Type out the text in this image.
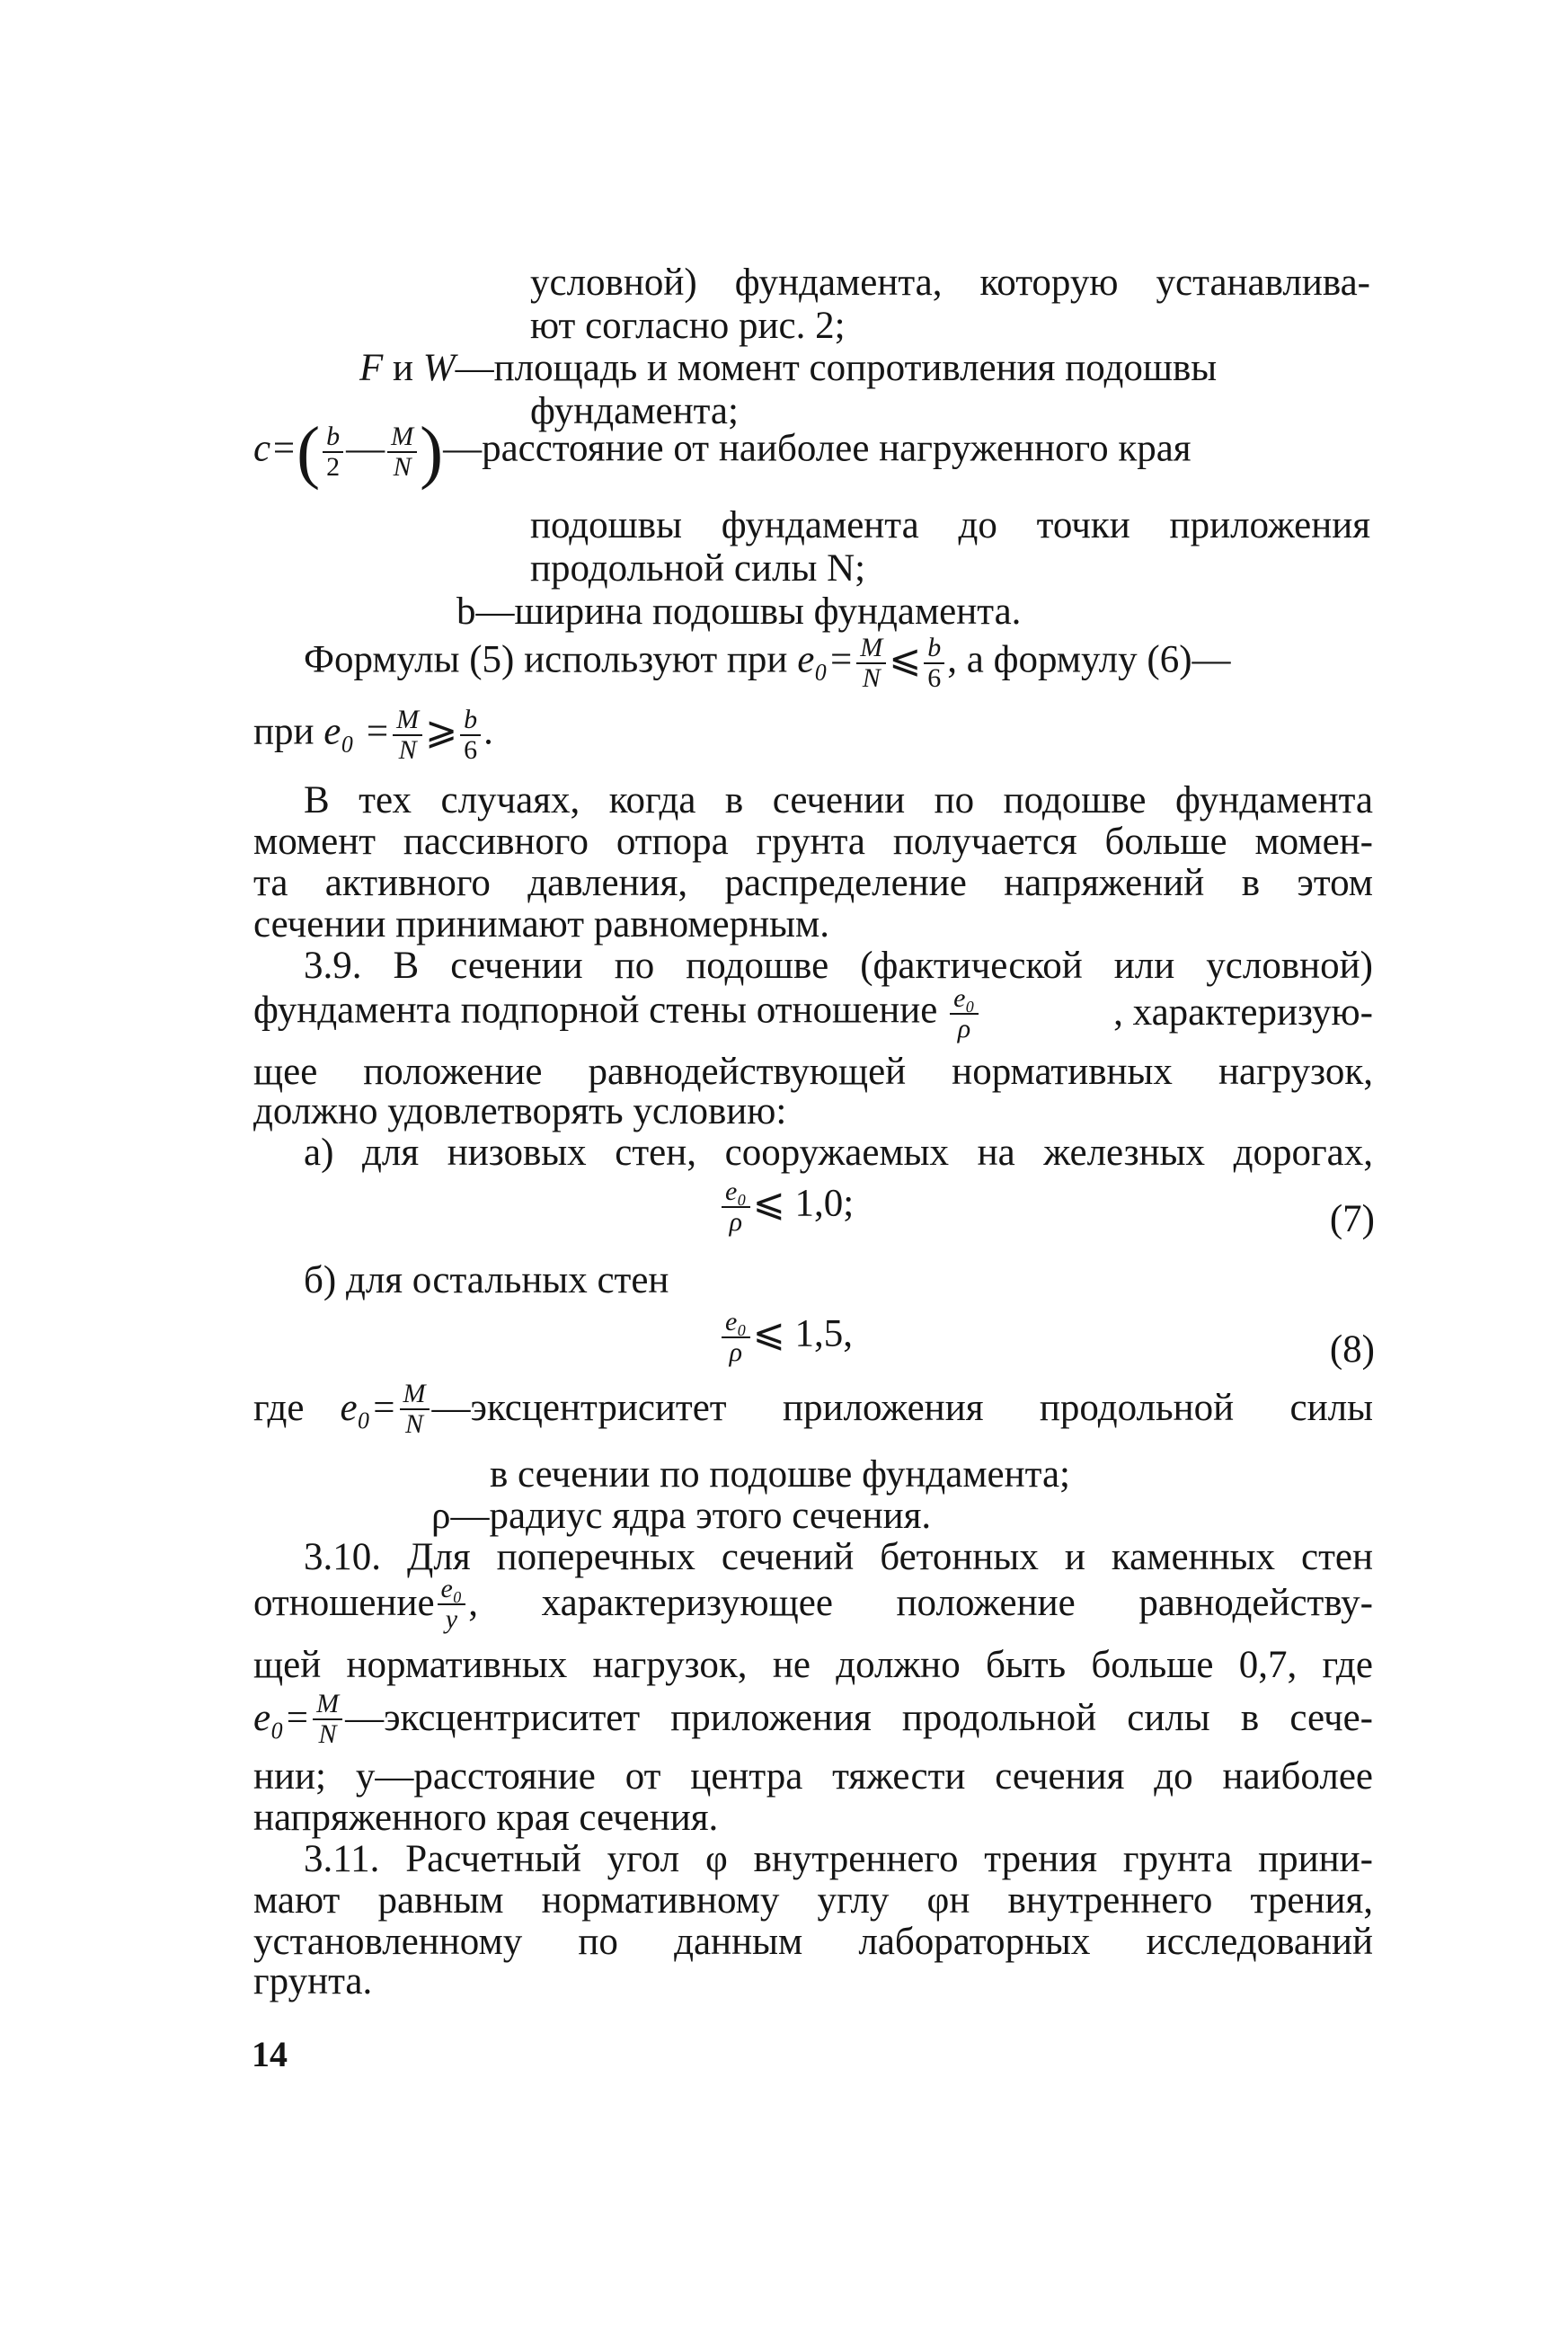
условной) фундамента, которую устанавлива-
ют согласно рис. 2;
F и W—площадь и момент сопротивления подошвы
фундамента;
$c=( \frac{b}{2}$ — $\frac{M}{N}$ )—расстояние от наиболее нагруженного края
подошвы фундамента до точки приложения
продольной силы N;
b—ширина подошвы фундамента.
Формулы (5) используют при $e_0= \frac{M}{N}$ ⩽ $\frac{b}{6}$ , а формулу (6)—
при $e_0 = \frac{M}{N}$ ⩾ $\frac{b}{6}$ .
В тех случаях, когда в сечении по подошве фундамента
момент пассивного отпора грунта получается больше момен-
та активного давления, распределение напряжений в этом
сечении принимают равномерным.
3.9. В сечении по подошве (фактической или условной)
фундамента подпорной стены отношение $\frac{\text{e₀}}{\rho}$	, характеризую-
щее положение равнодействующей нормативных нагрузок,
должно удовлетворять условию:
а) для низовых стен, сооружаемых на железных дорогах,
$\frac{\text{e₀}}{\rho}$ ⩽ 1,0;	(7)
б) для остальных стен
$\frac{\text{e₀}}{\rho}$ ⩽ 1,5,	(8)
где $e_0= \frac{M}{N}$ —эксцентриситет приложения продольной силы
в сечении по подошве фундамента;
ρ—радиус ядра этого сечения.
3.10. Для поперечных сечений бетонных и каменных стен
отношение $\frac{\text{e₀}}{y}$ , характеризующее положение равнодейству-
щей нормативных нагрузок, не должно быть больше 0,7, где
$e_0= \frac{M}{N}$ —эксцентриситет приложения продольной силы в сече-
нии; y—расстояние от центра тяжести сечения до наиболее
напряженного края сечения.
3.11. Расчетный угол φ внутреннего трения грунта прини-
мают равным нормативному углу φн внутреннего трения,
установленному по данным лабораторных исследований
грунта.
14
